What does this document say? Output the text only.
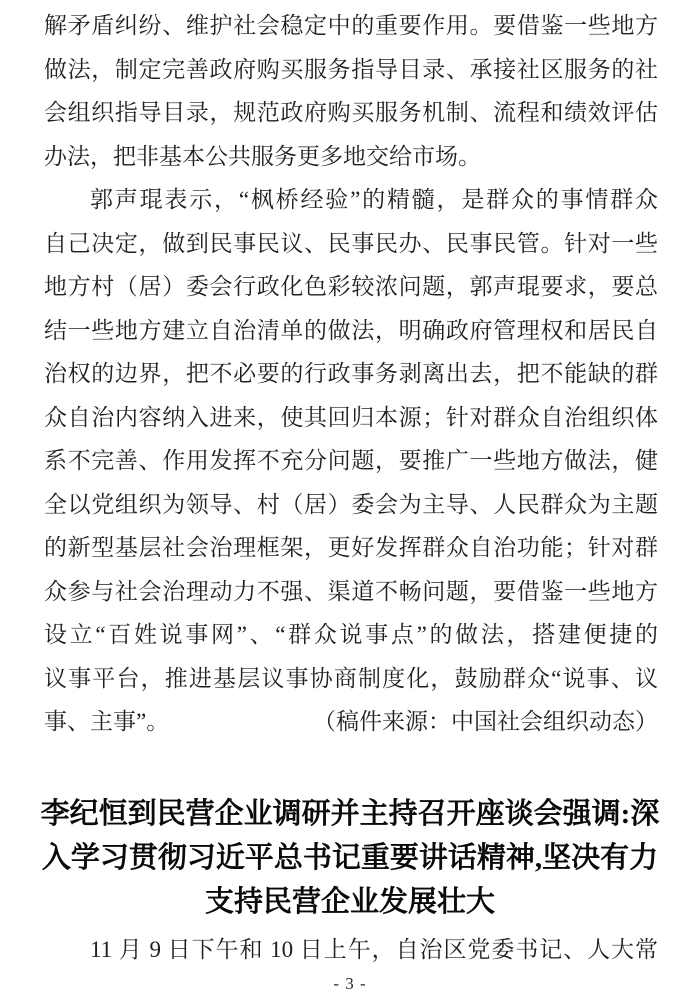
解矛盾纠纷、维护社会稳定中的重要作用。要借鉴一些地方
做法，制定完善政府购买服务指导目录、承接社区服务的社
会组织指导目录，规范政府购买服务机制、流程和绩效评估
办法，把非基本公共服务更多地交给市场。
郭声琨表示，“枫桥经验”的精髓，是群众的事情群众
自己决定，做到民事民议、民事民办、民事民管。针对一些
地方村（居）委会行政化色彩较浓问题，郭声琨要求，要总
结一些地方建立自治清单的做法，明确政府管理权和居民自
治权的边界，把不必要的行政事务剥离出去，把不能缺的群
众自治内容纳入进来，使其回归本源；针对群众自治组织体
系不完善、作用发挥不充分问题，要推广一些地方做法，健
全以党组织为领导、村（居）委会为主导、人民群众为主题
的新型基层社会治理框架，更好发挥群众自治功能；针对群
众参与社会治理动力不强、渠道不畅问题，要借鉴一些地方
设立“百姓说事网”、“群众说事点”的做法，搭建便捷的
议事平台，推进基层议事协商制度化，鼓励群众“说事、议
事、主事”。	（稿件来源：中国社会组织动态）
李纪恒到民营企业调研并主持召开座谈会强调:深
入学习贯彻习近平总书记重要讲话精神,坚决有力
支持民营企业发展壮大
11 月 9 日下午和 10 日上午，自治区党委书记、人大常
- 3 -
